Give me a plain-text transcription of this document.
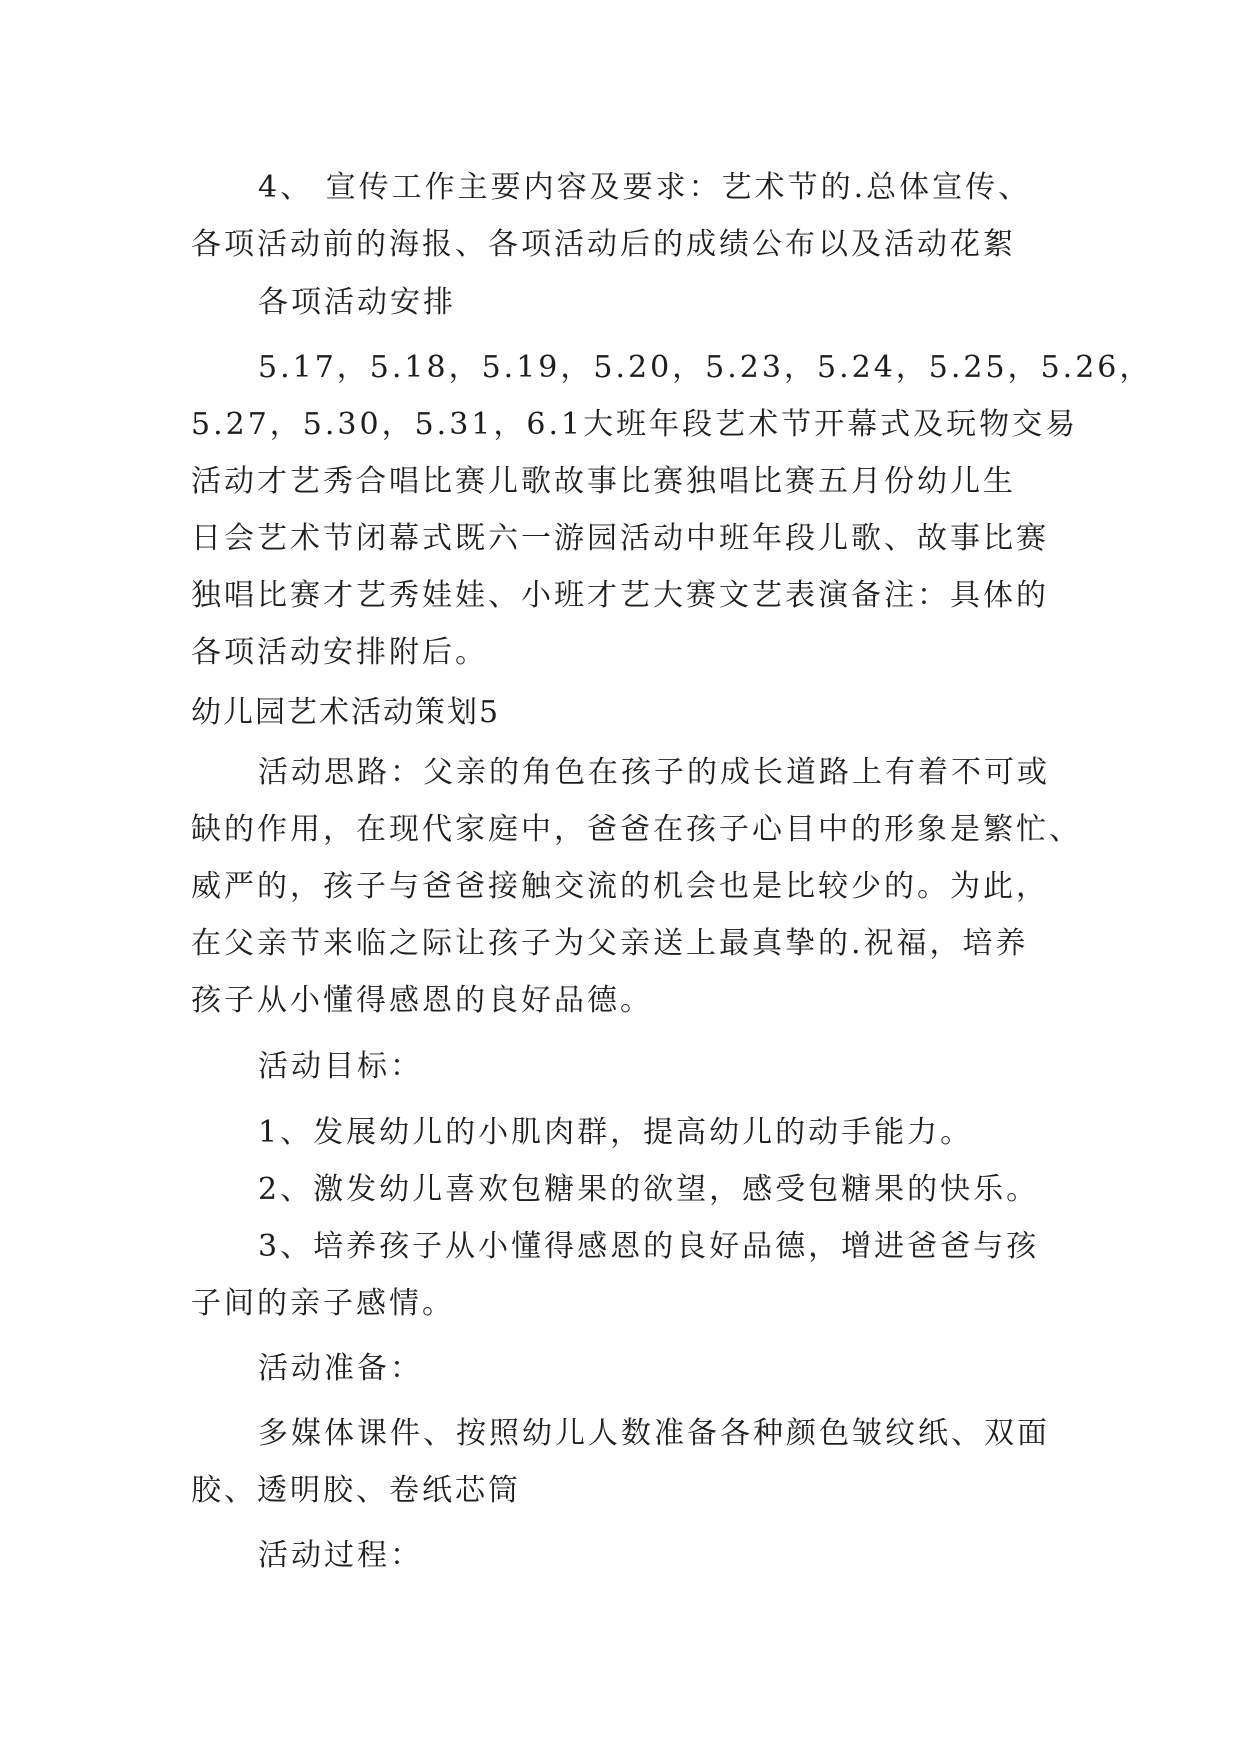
4、 宣传工作主要内容及要求：艺术节的.总体宣传、

各项活动前的海报、各项活动后的成绩公布以及活动花絮

各项活动安排

5.17，5.18，5.19，5.20，5.23，5.24，5.25，5.26，

5.27，5.30，5.31，6.1大班年段艺术节开幕式及玩物交易

活动才艺秀合唱比赛儿歌故事比赛独唱比赛五月份幼儿生

日会艺术节闭幕式既六一游园活动中班年段儿歌、故事比赛

独唱比赛才艺秀娃娃、小班才艺大赛文艺表演备注：具体的

各项活动安排附后。

幼儿园艺术活动策划5

活动思路：父亲的角色在孩子的成长道路上有着不可或

缺的作用，在现代家庭中，爸爸在孩子心目中的形象是繁忙、

威严的，孩子与爸爸接触交流的机会也是比较少的。为此，

在父亲节来临之际让孩子为父亲送上最真挚的.祝福，培养

孩子从小懂得感恩的良好品德。

活动目标：

1、发展幼儿的小肌肉群，提高幼儿的动手能力。

2、激发幼儿喜欢包糖果的欲望，感受包糖果的快乐。

3、培养孩子从小懂得感恩的良好品德，增进爸爸与孩

子间的亲子感情。

活动准备：

多媒体课件、按照幼儿人数准备各种颜色皱纹纸、双面

胶、透明胶、卷纸芯筒

活动过程：
